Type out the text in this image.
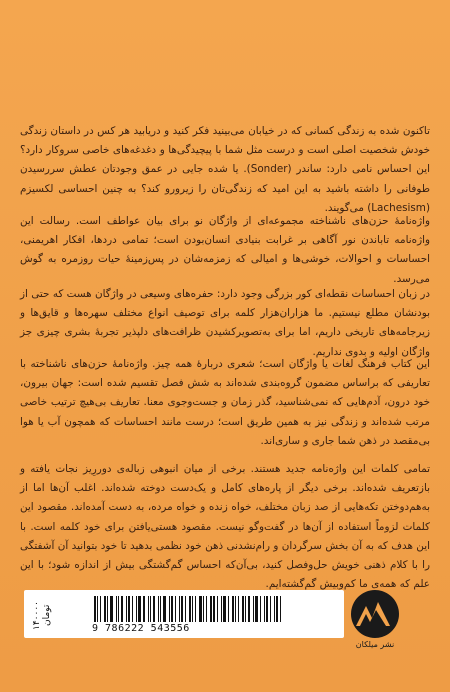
تاکنون شده به زندگی کسانی که در خیابان می‌بینید فکر کنید و دریابید هر کس در داستان زندگی خودش شخصیت اصلی است و درست مثل شما با پیچیدگی‌ها و دغدغه‌های خاصی سروکار دارد؟ این احساس نامی دارد: ساندر (Sonder). یا شده جایی در عمق وجودتان عطش سررسیدن طوفانی را داشته باشید به این امید که زندگی‌تان را زیرورو کند؟ به چنین احساسی لکسیزم (Lachesism) می‌گویند.

واژه‌نامهٔ حزن‌های ناشناخته مجموعه‌ای از واژگان نو برای بیان عواطف است. رسالت این واژه‌نامه تاباندن نور آگاهی بر غرابت بنیادی انسان‌بودن است؛ تمامی دردها، افکار اهریمنی، احساسات و احوالات، خوشی‌ها و امیالی که زمزمه‌شان در پس‌زمینهٔ حیات روزمره به گوش می‌رسد.

در زبان احساسات نقطه‌ای کور بزرگی وجود دارد: حفره‌های وسیعی در واژگان هست که حتی از بودنشان مطلع نیستیم. ما هزاران‌هزار کلمه برای توصیف انواع مختلف سهره‌ها و قایق‌ها و زیرجامه‌های تاریخی داریم، اما برای به‌تصویرکشیدن ظرافت‌های دلپذیر تجربهٔ بشری چیزی جز واژگان اولیه و بدوی نداریم.

این کتاب فرهنگ لغات یا واژگان است؛ شعری دربارهٔ همه چیز. واژه‌نامهٔ حزن‌های ناشناخته با تعاریفی که براساس مضمون گروه‌بندی شده‌اند به شش فصل تقسیم شده است: جهان بیرون، خود درون، آدم‌هایی که نمی‌شناسید، گذر زمان و جست‌وجوی معنا. تعاریف بی‌هیچ ترتیب خاصی مرتب شده‌اند و زندگی نیز به همین طریق است؛ درست مانند احساسات که همچون آب یا هوا بی‌مقصد در ذهن شما جاری و ساری‌اند.

تمامی کلمات این واژه‌نامه جدید هستند. برخی از میان انبوهی زباله‌ی دوررِیز نجات یافته و بازتعریف شده‌اند. برخی دیگر از پاره‌های کامل و یک‌دست دوخته شده‌اند. اغلب آن‌ها اما از به‌هم‌دوختن تکه‌هایی از صد زبان مختلف، خواه زنده و خواه مرده، به دست آمده‌اند. مقصود این کلمات لزوماً استفاده از آن‌ها در گفت‌وگو نیست. مقصود هستی‌یافتن برای خود کلمه است. با این هدف که به آن بخش سرگردان و رام‌نشدنی ذهن خود نظمی بدهید تا خود بتوانید آن آشفتگی را با کلام ذهنی خویش حل‌وفصل کنید، بی‌آن‌که احساس گم‌گشتگی بیش از اندازه شود؛ با این علم که همه‌ی ما کم‌وبیش گم‌گشته‌ایم.

۱۴۰۰۰۰ تومان
9 786222 543556
نشر میلکان
